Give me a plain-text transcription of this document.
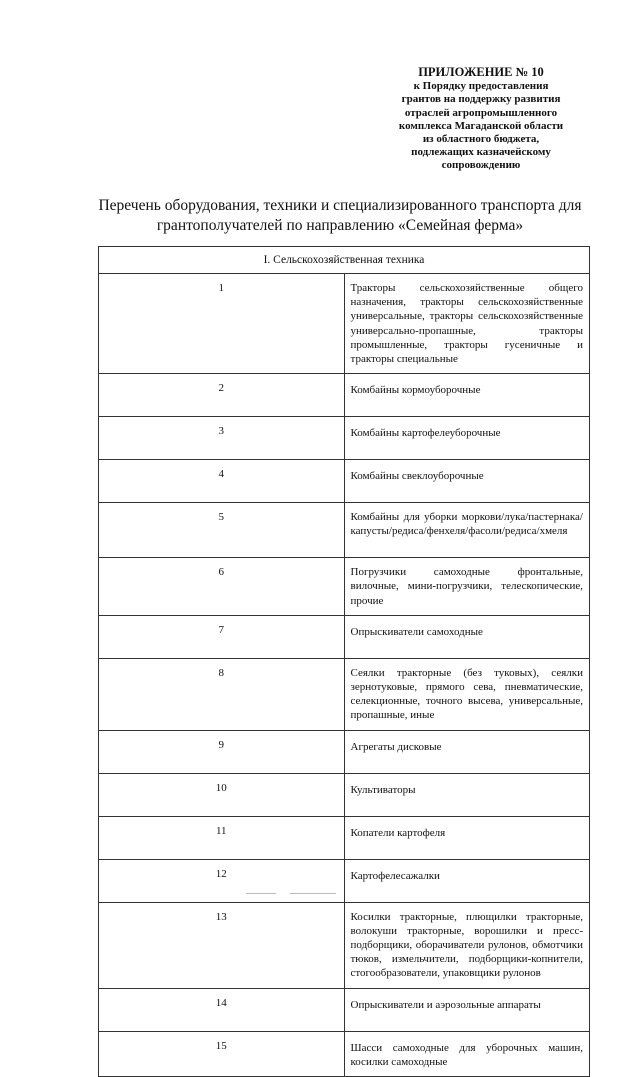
ПРИЛОЖЕНИЕ № 10
к Порядку предоставления
грантов на поддержку развития
отраслей агропромышленного
комплекса Магаданской области
из областного бюджета,
подлежащих казначейскому
сопровождению
Перечень оборудования, техники и специализированного транспорта для
грантополучателей по направлению «Семейная ферма»
I. Сельскохозяйственная техника	
1	Тракторы сельскохозяйственные общего назначения, тракторы сельскохозяйственные универсальные, тракторы сельскохозяйственные универсально-пропашные, тракторы промышленные, тракторы гусеничные и тракторы специальные
2	Комбайны кормоуборочные
3	Комбайны картофелеуборочные
4	Комбайны свеклоуборочные
5	Комбайны для уборки моркови/лука/пастернака/капусты/редиса/фенхеля/фасоли/редиса/хмеля
6	Погрузчики самоходные фронтальные, вилочные, мини-погрузчики, телескопические, прочие
7	Опрыскиватели самоходные
8	Сеялки тракторные (без туковых), сеялки зернотуковые, прямого сева, пневматические, селекционные, точного высева, универсальные, пропашные, иные
9	Агрегаты дисковые
10	Культиваторы
11	Копатели картофеля
12	Картофелесажалки
13	Косилки тракторные, плющилки тракторные, волокуши тракторные, ворошилки и пресс-подборщики, оборачиватели рулонов, обмотчики тюков, измельчители, подборщики-копнители, стогообразователи, упаковщики рулонов
14	Опрыскиватели и аэрозольные аппараты
15	Шасси самоходные для уборочных машин, косилки самоходные
